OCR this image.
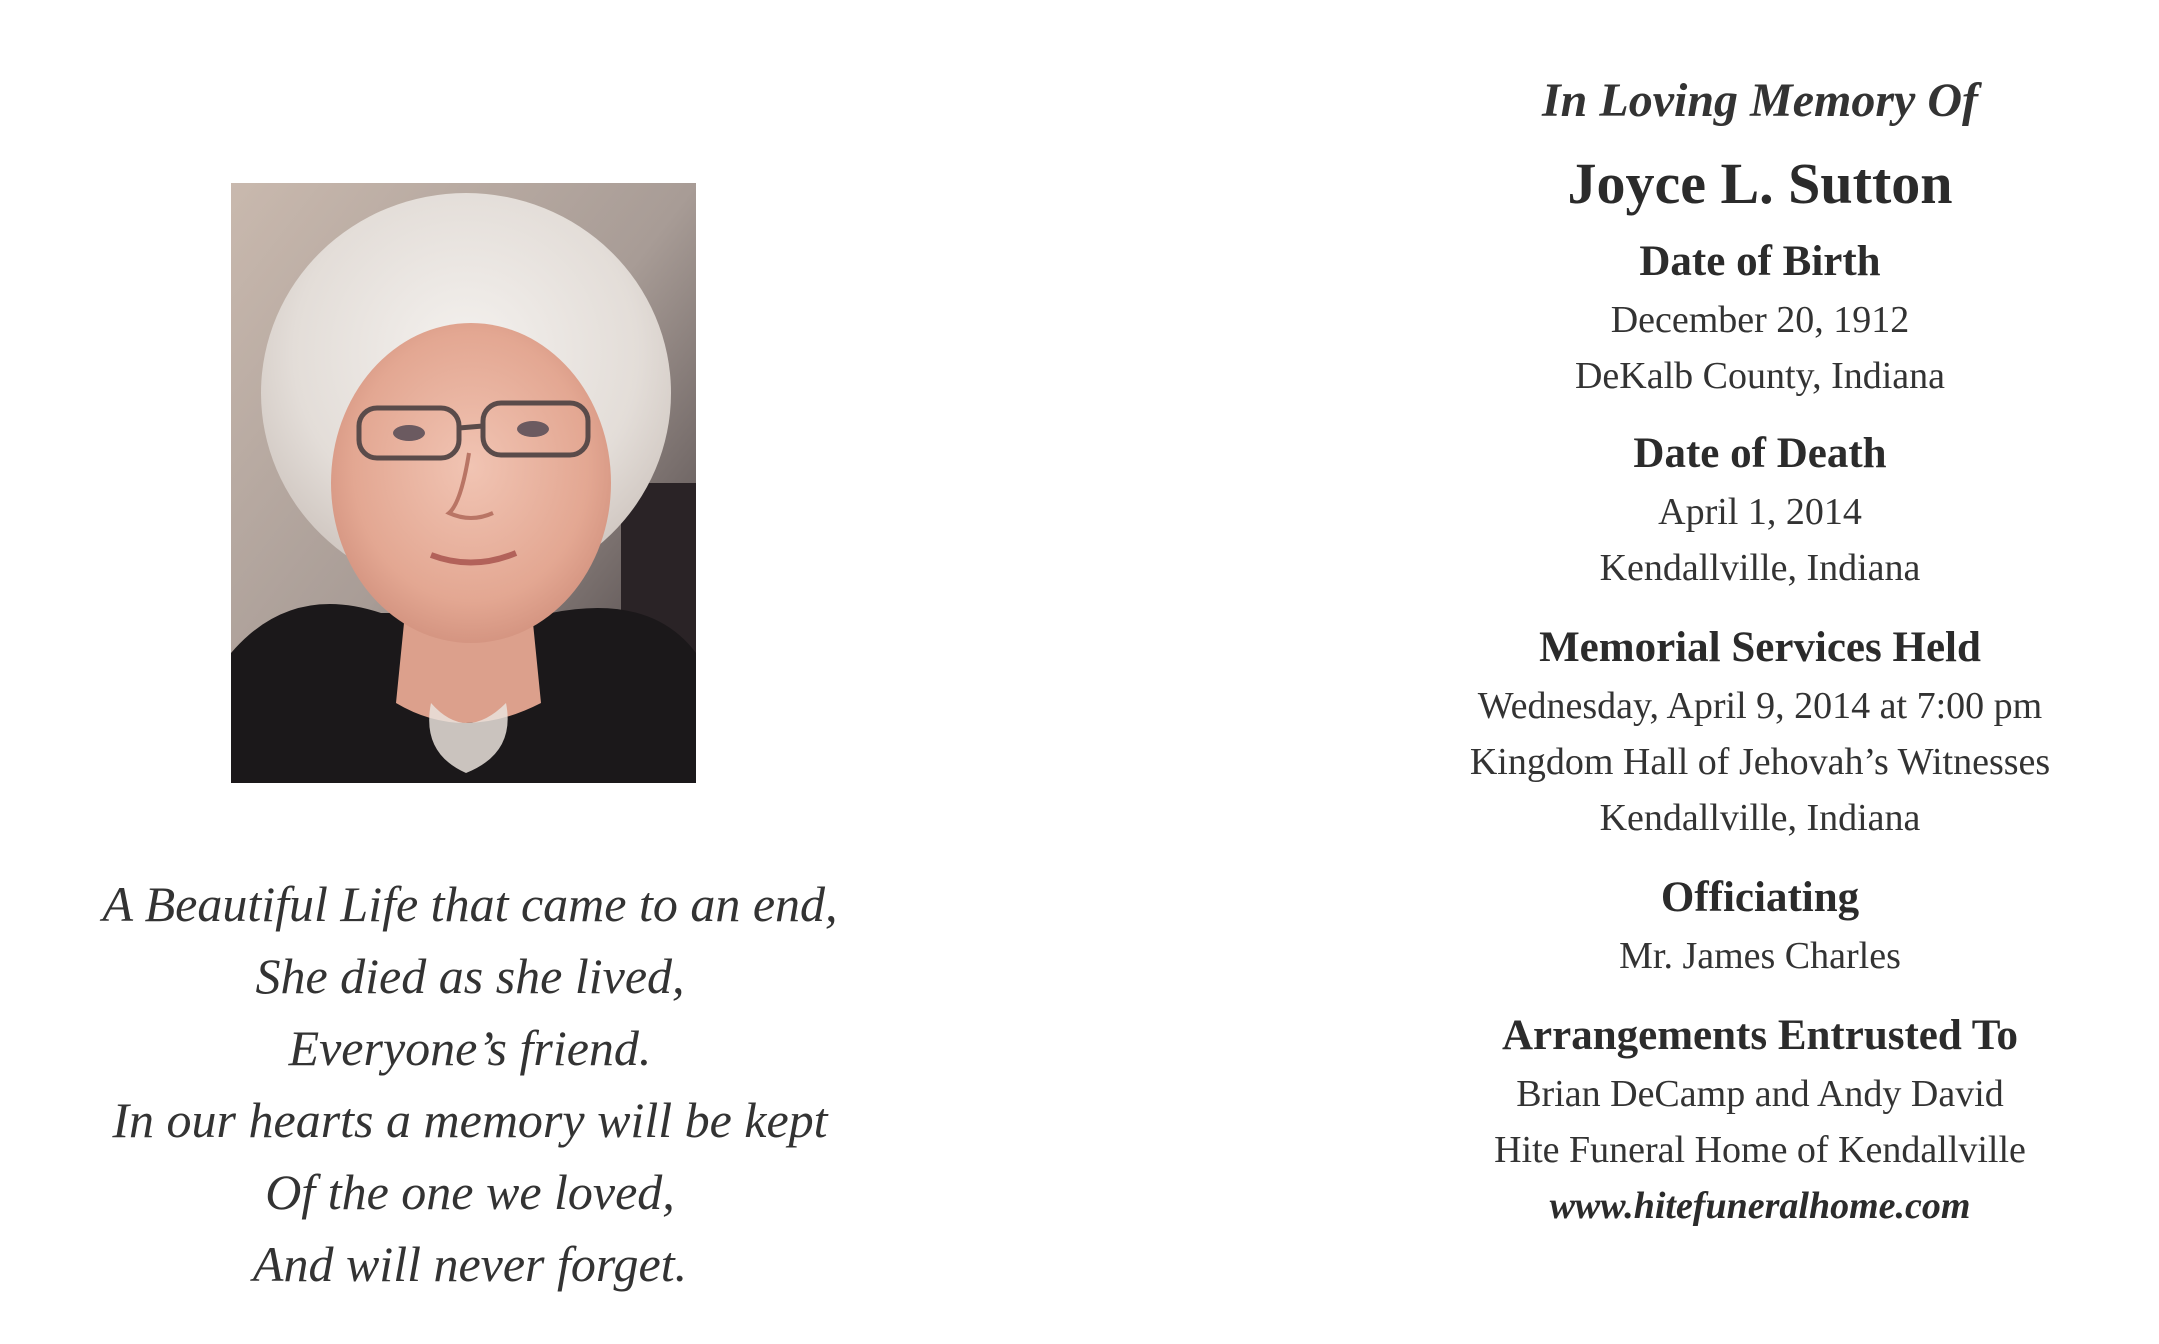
A Beautiful Life that came to an end,
She died as she lived,
Everyone’s friend.
In our hearts a memory will be kept
Of the one we loved,
And will never forget.
In Loving Memory Of
Joyce L. Sutton
Date of Birth
December 20, 1912
DeKalb County, Indiana
Date of Death
April 1, 2014
Kendallville, Indiana
Memorial Services Held
Wednesday, April 9, 2014 at 7:00 pm
Kingdom Hall of Jehovah’s Witnesses
Kendallville, Indiana
Officiating
Mr. James Charles
Arrangements Entrusted To
Brian DeCamp and Andy David
Hite Funeral Home of Kendallville
www.hitefuneralhome.com
